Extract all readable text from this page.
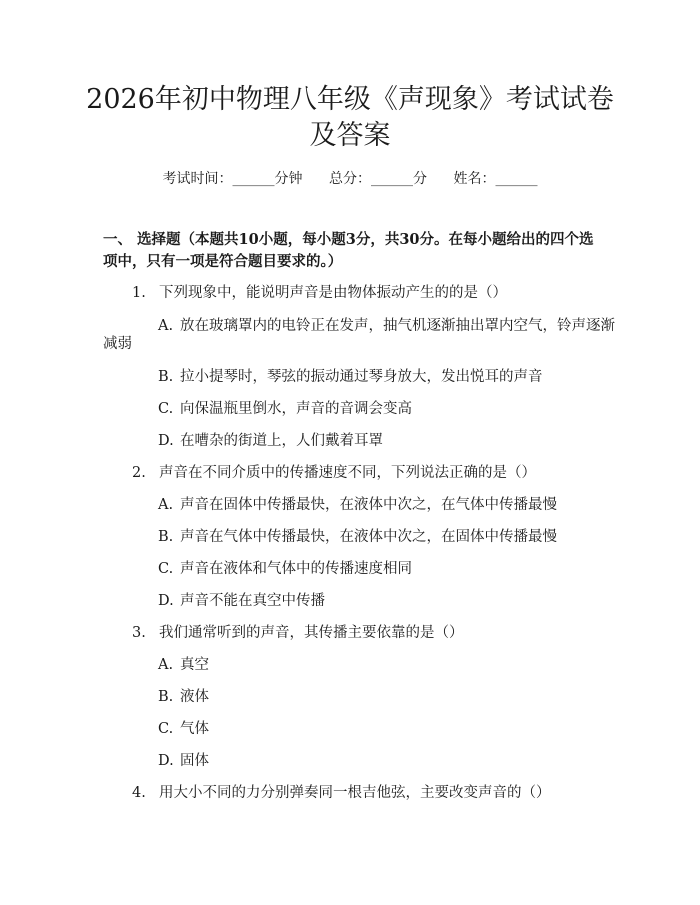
2026年初中物理八年级《声现象》考试试卷
及答案
考试时间：______分钟 总分：______分 姓名：______
一、 选择题（本题共10小题，每小题3分，共30分。在每小题给出的四个选项中，只有一项是符合题目要求的。）
1. 下列现象中，能说明声音是由物体振动产生的的是（）
A. 放在玻璃罩内的电铃正在发声，抽气机逐渐抽出罩内空气，铃声逐渐
减弱
B. 拉小提琴时，琴弦的振动通过琴身放大，发出悦耳的声音
C. 向保温瓶里倒水，声音的音调会变高
D. 在嘈杂的街道上，人们戴着耳罩
2. 声音在不同介质中的传播速度不同，下列说法正确的是（）
A. 声音在固体中传播最快，在液体中次之，在气体中传播最慢
B. 声音在气体中传播最快，在液体中次之，在固体中传播最慢
C. 声音在液体和气体中的传播速度相同
D. 声音不能在真空中传播
3. 我们通常听到的声音，其传播主要依靠的是（）
A. 真空
B. 液体
C. 气体
D. 固体
4. 用大小不同的力分别弹奏同一根吉他弦，主要改变声音的（）
